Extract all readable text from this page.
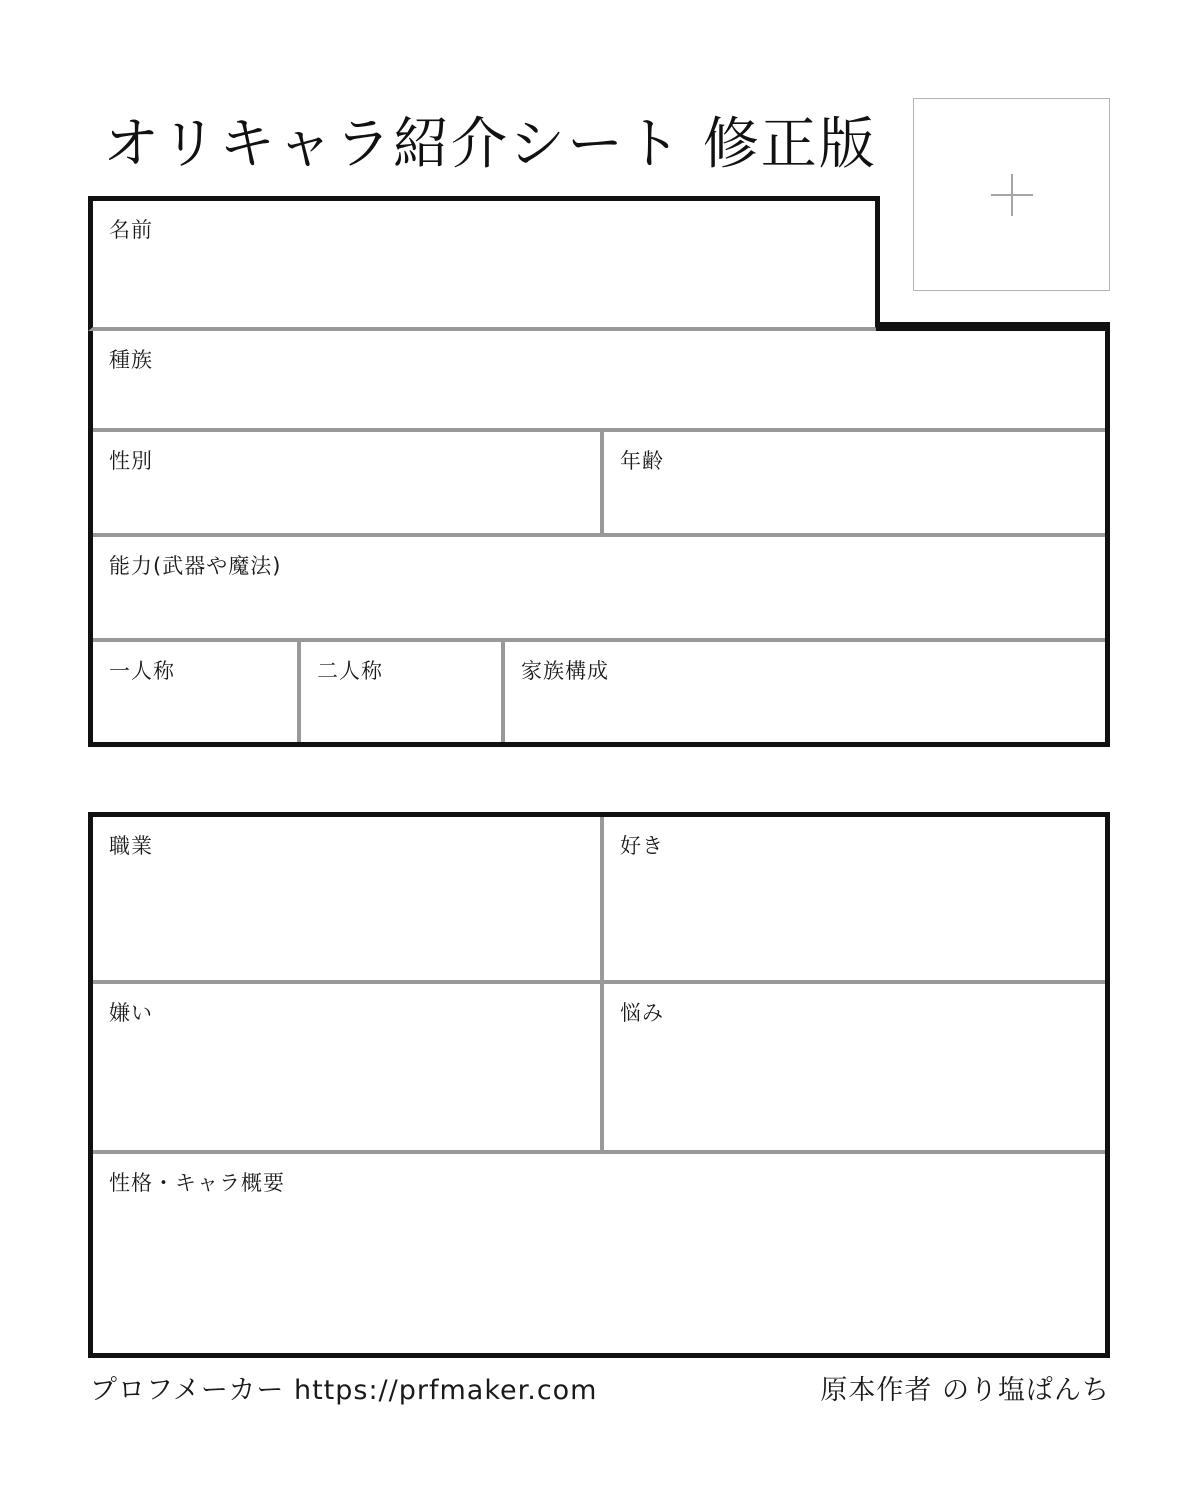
オリキャラ紹介シート 修正版
名前
種族
性別	年齢
能力(武器や魔法)
一人称	二人称	家族構成
職業	好き
嫌い	悩み
性格・キャラ概要
プロフメーカー https://prfmaker.com	原本作者 のり塩ぱんち
